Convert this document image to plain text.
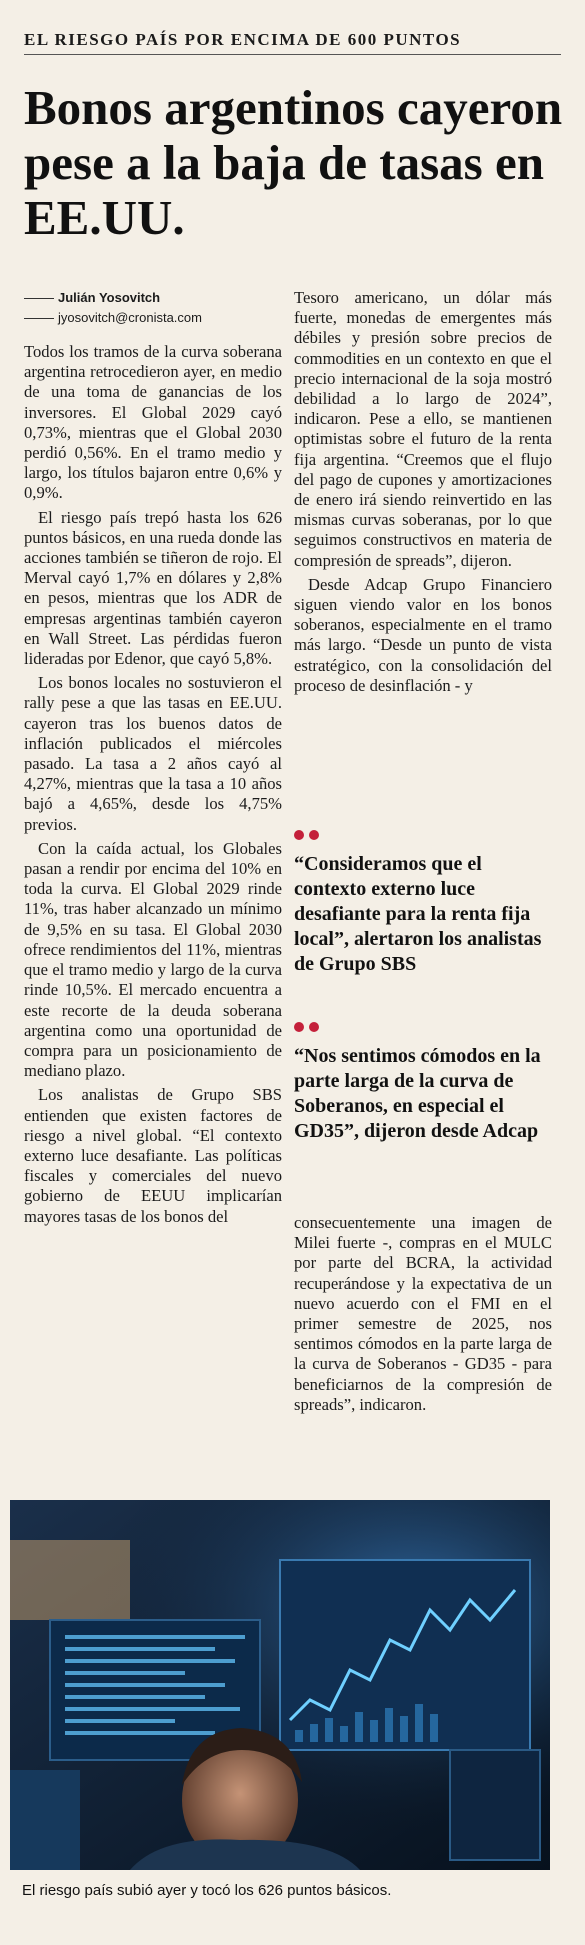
EL RIESGO PAÍS POR ENCIMA DE 600 PUNTOS
Bonos argentinos cayeron pese a la baja de tasas en EE.UU.
Julián Yosovitch
jyosovitch@cronista.com

Todos los tramos de la curva soberana argentina retrocedieron ayer, en medio de una toma de ganancias de los inversores. El Global 2029 cayó 0,73%, mientras que el Global 2030 perdió 0,56%. En el tramo medio y largo, los títulos bajaron entre 0,6% y 0,9%.

El riesgo país trepó hasta los 626 puntos básicos, en una rueda donde las acciones también se tiñeron de rojo. El Merval cayó 1,7% en dólares y 2,8% en pesos, mientras que los ADR de empresas argentinas también cayeron en Wall Street. Las pérdidas fueron lideradas por Edenor, que cayó 5,8%.

Los bonos locales no sostuvieron el rally pese a que las tasas en EE.UU. cayeron tras los buenos datos de inflación publicados el miércoles pasado. La tasa a 2 años cayó al 4,27%, mientras que la tasa a 10 años bajó a 4,65%, desde los 4,75% previos.

Con la caída actual, los Globales pasan a rendir por encima del 10% en toda la curva. El Global 2029 rinde 11%, tras haber alcanzado un mínimo de 9,5% en su tasa. El Global 2030 ofrece rendimientos del 11%, mientras que el tramo medio y largo de la curva rinde 10,5%. El mercado encuentra a este recorte de la deuda soberana argentina como una oportunidad de compra para un posicionamiento de mediano plazo.

Los analistas de Grupo SBS entienden que existen factores de riesgo a nivel global. “El contexto externo luce desafiante. Las políticas fiscales y comerciales del nuevo gobierno de EEUU implicarían mayores tasas de los bonos del

Tesoro americano, un dólar más fuerte, monedas de emergentes más débiles y presión sobre precios de commodities en un contexto en que el precio internacional de la soja mostró debilidad a lo largo de 2024”, indicaron. Pese a ello, se mantienen optimistas sobre el futuro de la renta fija argentina. “Creemos que el flujo del pago de cupones y amortizaciones de enero irá siendo reinvertido en las mismas curvas soberanas, por lo que seguimos constructivos en materia de compresión de spreads”, dijeron.

Desde Adcap Grupo Financiero siguen viendo valor en los bonos soberanos, especialmente en el tramo más largo. “Desde un punto de vista estratégico, con la consolidación del proceso de desinflación - y

“Consideramos que el contexto externo luce desafiante para la renta fija local”, alertaron los analistas de Grupo SBS
“Nos sentimos cómodos en la parte larga de la curva de Soberanos, en especial el GD35”, dijeron desde Adcap

consecuentemente una imagen de Milei fuerte -, compras en el MULC por parte del BCRA, la actividad recuperándose y la expectativa de un nuevo acuerdo con el FMI en el primer semestre de 2025, nos sentimos cómodos en la parte larga de la curva de Soberanos - GD35 - para beneficiarnos de la compresión de spreads”, indicaron.

El riesgo país subió ayer y tocó los 626 puntos básicos.
